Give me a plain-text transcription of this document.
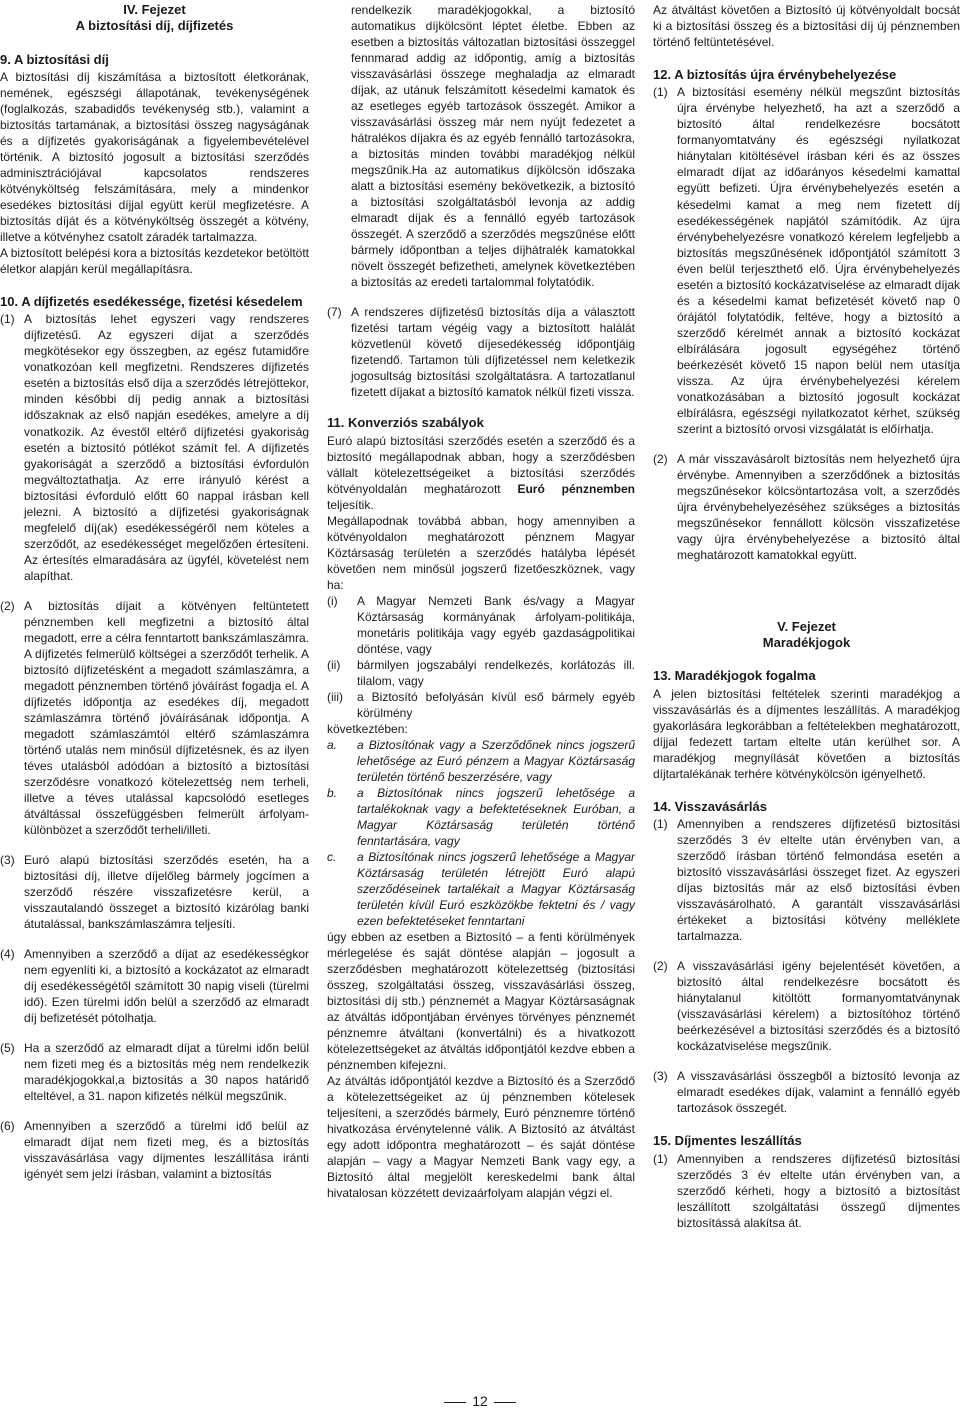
IV. Fejezet
A biztosítási díj, díjfizetés
9. A biztosítási díj

A biztosítási díj kiszámítása a biztosított életkorának, nemének, egészségi állapotának, tevékenységének (foglalkozás, szabadidős tevékenység stb.), valamint a biztosítás tartamának, a biztosítási összeg nagyságának és a díjfizetés gyakoriságának a figyelembevételével történik. A biztosító jogosult a biztosítási szerződés adminisztrációjával kapcsolatos rendszeres kötvényköltség felszámítására, mely a mindenkor esedékes biztosítási díjjal együtt kerül megfizetésre. A biztosítás díját és a kötvényköltség összegét a kötvény, illetve a kötvényhez csatolt záradék tartalmazza.

A biztosított belépési kora a biztosítás kezdetekor betöltött életkor alapján kerül megállapításra.

10. A díjfizetés esedékessége, fizetési késedelem
(1) A biztosítás lehet egyszeri vagy rendszeres díjfizetésű. Az egyszeri díjat a szerződés megkötésekor egy összegben, az egész futamidőre vonatkozóan kell megfizetni. Rendszeres díjfizetés esetén a biztosítás első díja a szerződés létrejöttekor, minden későbbi díj pedig annak a biztosítási időszaknak az első napján esedékes, amelyre a díj vonatkozik. Az évestől eltérő díjfizetési gyakoriság esetén a biztosító pótlékot számít fel. A díjfizetés gyakoriságát a szerződő a biztosítási évfordulón megváltoztathatja. Az erre irányuló kérést a biztosítási évforduló előtt 60 nappal írásban kell jelezni. A biztosító a díjfizetési gyakoriságnak megfelelő díj(ak) esedékességéről nem köteles a szerződőt, az esedékességet megelőzően értesíteni. Az értesítés elmaradására az ügyfél, követelést nem alapíthat.
(2) A biztosítás díjait a kötvényen feltüntetett pénznemben kell megfizetni a biztosító által megadott, erre a célra fenntartott bankszámlaszámra. A díjfizetés felmerülő költségei a szerződőt terhelik. A biztosító díjfizetésként a megadott számlaszámra, a megadott pénznemben történő jóváírást fogadja el. A díjfizetés időpontja az esedékes díj, megadott számlaszámra történő jóváírásának időpontja. A megadott számlaszámtól eltérő számlaszámra történő utalás nem minősül díjfizetésnek, és az ilyen téves utalásból adódóan a biztosító a biztosítási szerződésre vonatkozó kötelezettség nem terheli, illetve a téves utalással kapcsolódó esetleges átváltással összefüggésben felmerült árfolyam-különbözet a szerződőt terheli/illeti.
(3) Euró alapú biztosítási szerződés esetén, ha a biztosítási díj, illetve díjelőleg bármely jogcímen a szerződő részére visszafizetésre kerül, a visszautalandó összeget a biztosító kizárólag banki átutalással, bankszámlaszámra teljesíti.
(4) Amennyiben a szerződő a díjat az esedékességkor nem egyenlíti ki, a biztosító a kockázatot az elmaradt díj esedékességétől számított 30 napig viseli (türelmi idő). Ezen türelmi időn belül a szerződő az elmaradt díj befizetését pótolhatja.
(5) Ha a szerződő az elmaradt díjat a türelmi időn belül nem fizeti meg és a biztosítás még nem rendelkezik maradékjogokkal,a biztosítás a 30 napos határidő elteltével, a 31. napon kifizetés nélkül megszűnik.
(6) Amennyiben a szerződő a türelmi idő belül az elmaradt díjat nem fizeti meg, és a biztosítás visszavásárlása vagy díjmentes leszállítása iránti igényét sem jelzi írásban, valamint a biztosítás
rendelkezik maradékjogokkal, a biztosító automatikus díjkölcsönt léptet életbe. Ebben az esetben a biztosítás változatlan biztosítási összeggel fennmarad addig az időpontig, amíg a biztosítás visszavásárlási összege meghaladja az elmaradt díjak, az utánuk felszámított késedelmi kamatok és az esetleges egyéb tartozások összegét. Amikor a visszavásárlási összeg már nem nyújt fedezetet a hátralékos díjakra és az egyéb fennálló tartozásokra, a biztosítás minden további maradékjog nélkül megszűnik.Ha az automatikus díjkölcsön időszaka alatt a biztosítási esemény bekövetkezik, a biztosító a biztosítási szolgáltatásból levonja az addig elmaradt díjak és a fennálló egyéb tartozások összegét. A szerződő a szerződés megszűnése előtt bármely időpontban a teljes díjhátralék kamatokkal növelt összegét befizetheti, amelynek következtében a biztosítás az eredeti tartalommal folytatódik.
(7) A rendszeres díjfizetésű biztosítás díja a választott fizetési tartam végéig vagy a biztosított halálát közvetlenül követő díjesedékesség időpontjáig fizetendő. Tartamon túli díjfizetéssel nem keletkezik jogosultság biztosítási szolgáltatásra. A tartozatlanul fizetett díjakat a biztosító kamatok nélkül fizeti vissza.
11. Konverziós szabályok

Euró alapú biztosítási szerződés esetén a szerződő és a biztosító megállapodnak abban, hogy a szerződésben vállalt kötelezettségeiket a biztosítási szerződés kötvényoldalán meghatározott Euró pénznemben teljesítik.

Megállapodnak továbbá abban, hogy amennyiben a kötvényoldalon meghatározott pénznem Magyar Köztársaság területén a szerződés hatályba lépését követően nem minősül jogszerű fizetőeszköznek, vagy ha:

(i)	A Magyar Nemzeti Bank és/vagy a Magyar Köztársaság kormányának árfolyam-politikája, monetáris politikája vagy egyéb gazdaságpolitikai döntése, vagy
(ii)	bármilyen jogszabályi rendelkezés, korlátozás ill. tilalom, vagy
(iii)	a Biztosító befolyásán kívül eső bármely egyéb körülmény

következtében:

a.	a Biztosítónak vagy a Szerződőnek nincs jogszerű lehetősége az Euró pénzem a Magyar Köztársaság területén történő beszerzésére, vagy
b.	a Biztosítónak nincs jogszerű lehetősége a tartalékoknak vagy a befektetéseknek Euróban, a Magyar Köztársaság területén történő fenntartására, vagy
c.	a Biztosítónak nincs jogszerű lehetősége a Magyar Köztársaság területén létrejött Euró alapú szerződéseinek tartalékait a Magyar Köztársaság területén kívül Euró eszközökbe fektetni és / vagy ezen befektetéseket fenntartani

úgy ebben az esetben a Biztosító – a fenti körülmények mérlegelése és saját döntése alapján – jogosult a szerződésben meghatározott kötelezettség (biztosítási összeg, szolgáltatási összeg, visszavásárlási összeg, biztosítási díj stb.) pénznemét a Magyar Köztársaságnak az átváltás időpontjában érvényes törvényes pénznemét pénznemre átváltani (konvertálni) és a hivatkozott kötelezettségeket az átváltás időpontjától kezdve ebben a pénznemben kifejezni.

Az átváltás időpontjától kezdve a Biztosító és a Szerződő a kötelezettségeiket az új pénznemben kötelesek teljesíteni, a szerződés bármely, Euró pénznemre történő hivatkozása érvénytelenné válik. A Biztosító az átváltást egy adott időpontra meghatározott – és saját döntése alapján – vagy a Magyar Nemzeti Bank vagy egy, a Biztosító által megjelölt kereskedelmi bank által hivatalosan közzétett devizaárfolyam alapján végzi el.

Az átváltást követően a Biztosító új kötvényoldalt bocsát ki a biztosítási összeg és a biztosítási díj új pénznemben történő feltüntetésével.

12. A biztosítás újra érvénybehelyezése
(1) A biztosítási esemény nélkül megszűnt biztosítás újra érvénybe helyezhető, ha azt a szerződő a biztosító által rendelkezésre bocsátott formanyomtatvány és egészségi nyilatkozat hiánytalan kitöltésével írásban kéri és az összes elmaradt díjat az időarányos késedelmi kamattal együtt befizeti. Újra érvénybehelyezés esetén a késedelmi kamat a meg nem fizetett díj esedékességének napjától számítódik. Az újra érvénybehelyezésre vonatkozó kérelem legfeljebb a biztosítás megszűnésének időpontjától számított 3 éven belül terjeszthető elő. Újra érvénybehelyezés esetén a biztosító kockázatviselése az elmaradt díjak és a késedelmi kamat befizetését követő nap 0 órájától folytatódik, feltéve, hogy a biztosító a szerződő kérelmét annak a biztosító kockázat elbírálására jogosult egységéhez történő beérkezését követő 15 napon belül nem utasítja vissza. Az újra érvénybehelyezési kérelem vonatkozásában a biztosító jogosult kockázat elbírálásra, egészségi nyilatkozatot kérhet, szükség szerint a biztosító orvosi vizsgálatát is előírhatja.
(2) A már visszavásárolt biztosítás nem helyezhető újra érvénybe. Amennyiben a szerződőnek a biztosítás megszűnésekor kölcsöntartozása volt, a szerződés újra érvénybehelyezéséhez szükséges a biztosítás megszűnésekor fennállott kölcsön visszafizetése vagy újra érvénybehelyezése a biztosító által meghatározott kamatokkal együtt.
V. Fejezet
Maradékjogok
13. Maradékjogok fogalma

A jelen biztosítási feltételek szerinti maradékjog a visszavásárlás és a díjmentes leszállítás. A maradékjog gyakorlására legkorábban a feltételekben meghatározott, díjjal fedezett tartam eltelte után kerülhet sor. A maradékjog megnyílását követően a biztosítás díjtartalékának terhére kötvénykölcsön igényelhető.

14. Visszavásárlás
(1) Amennyiben a rendszeres díjfizetésű biztosítási szerződés 3 év eltelte után érvényben van, a szerződő írásban történő felmondása esetén a biztosító visszavásárlási összeget fizet. Az egyszeri díjas biztosítás már az első biztosítási évben visszavásárolható. A garantált visszavásárlási értékeket a biztosítási kötvény melléklete tartalmazza.
(2) A visszavásárlási igény bejelentését követően, a biztosító által rendelkezésre bocsátott és hiánytalanul kitöltött formanyomtatványnak (visszavásárlási kérelem) a biztosítóhoz történő beérkezésével a biztosítási szerződés és a biztosító kockázatviselése megszűnik.
(3) A visszavásárlási összegből a biztosító levonja az elmaradt esedékes díjak, valamint a fennálló egyéb tartozások összegét.
15. Díjmentes leszállítás
(1) Amennyiben a rendszeres díjfizetésű biztosítási szerződés 3 év eltelte után érvényben van, a szerződő kérheti, hogy a biztosító a biztosítást leszállított szolgáltatási összegű díjmentes biztosítássá alakítsa át.
12
